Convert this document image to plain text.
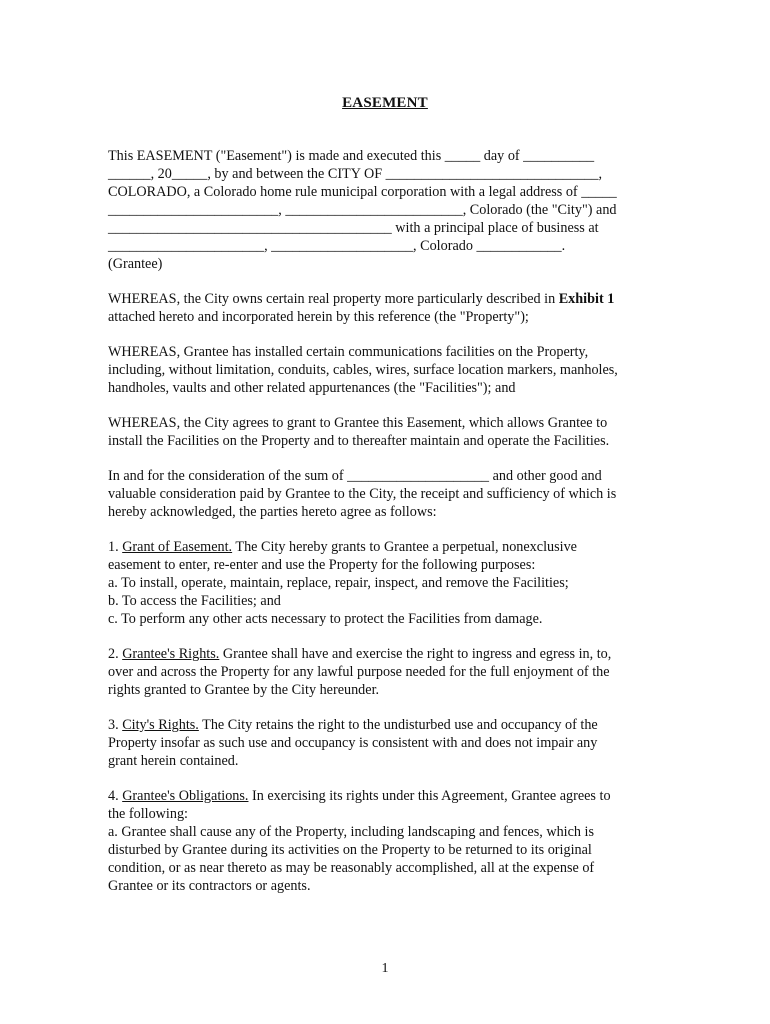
EASEMENT
This EASEMENT ("Easement") is made and executed this _____ day of __________
______, 20_____, by and between the CITY OF ______________________________,
COLORADO, a Colorado home rule municipal corporation with a legal address of _____
________________________, _________________________, Colorado (the "City") and
________________________________________ with a principal place of business at
______________________, ____________________, Colorado ____________.
(Grantee)
WHEREAS, the City owns certain real property more particularly described in Exhibit 1
attached hereto and incorporated herein by this reference (the "Property");
WHEREAS, Grantee has installed certain communications facilities on the Property,
including, without limitation, conduits, cables, wires, surface location markers, manholes,
handholes, vaults and other related appurtenances (the "Facilities"); and
WHEREAS, the City agrees to grant to Grantee this Easement, which allows Grantee to
install the Facilities on the Property and to thereafter maintain and operate the Facilities.
In and for the consideration of the sum of ____________________ and other good and
valuable consideration paid by Grantee to the City, the receipt and sufficiency of which is
hereby acknowledged, the parties hereto agree as follows:
1. Grant of Easement. The City hereby grants to Grantee a perpetual, nonexclusive
easement to enter, re-enter and use the Property for the following purposes:
a. To install, operate, maintain, replace, repair, inspect, and remove the Facilities;
b. To access the Facilities; and
c. To perform any other acts necessary to protect the Facilities from damage.
2. Grantee's Rights. Grantee shall have and exercise the right to ingress and egress in, to,
over and across the Property for any lawful purpose needed for the full enjoyment of the
rights granted to Grantee by the City hereunder.
3. City's Rights. The City retains the right to the undisturbed use and occupancy of the
Property insofar as such use and occupancy is consistent with and does not impair any
grant herein contained.
4. Grantee's Obligations. In exercising its rights under this Agreement, Grantee agrees to
the following:
a. Grantee shall cause any of the Property, including landscaping and fences, which is
disturbed by Grantee during its activities on the Property to be returned to its original
condition, or as near thereto as may be reasonably accomplished, all at the expense of
Grantee or its contractors or agents.
1
